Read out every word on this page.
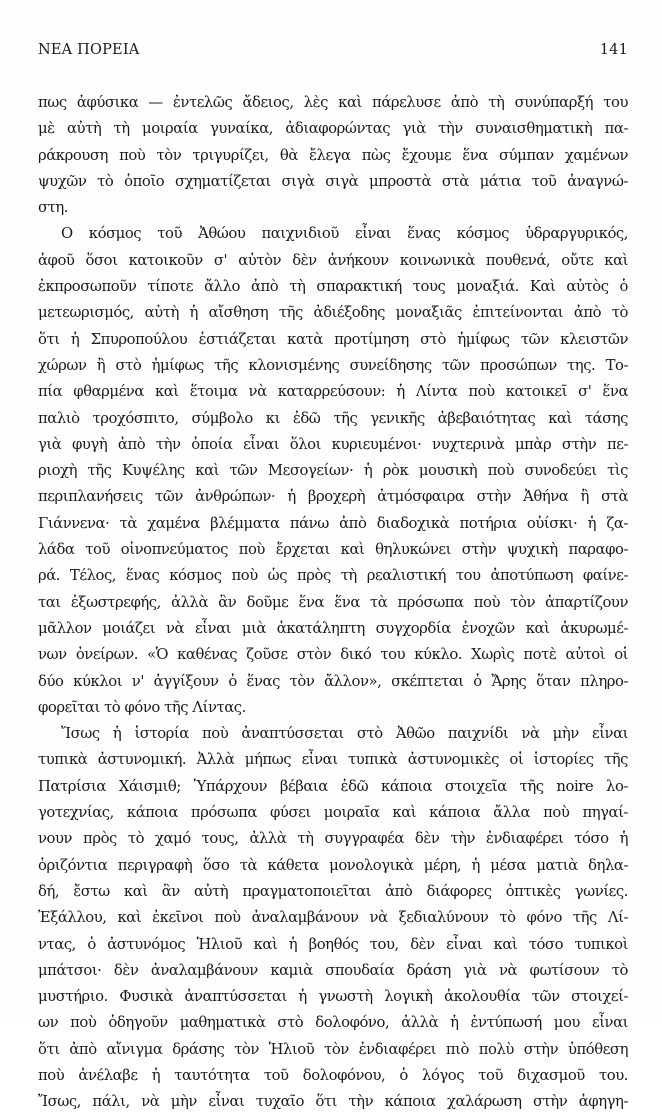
ΝΕΑ ΠΟΡΕΙΑ	141
πως ἀφύσικα — ἐντελῶς ἄδειος, λὲς καὶ πάρελυσε ἀπὸ τὴ συνύπαρξή του
μὲ αὐτὴ τὴ μοιραία γυναίκα, ἀδιαφορώντας γιὰ τὴν συναισθηματικὴ πα-
ράκρουση ποὺ τὸν τριγυρίζει, θὰ ἔλεγα πὼς ἔχουμε ἕνα σύμπαν χαμένων
ψυχῶν τὸ ὁποῖο σχηματίζεται σιγὰ σιγὰ μπροστὰ στὰ μάτια τοῦ ἀναγνώ-
στη.
Ο κόσμος τοῦ Ἀθώου παιχνιδιοῦ εἶναι ἕνας κόσμος ὑδραργυρικός,
ἀφοῦ ὅσοι κατοικοῦν σ' αὐτὸν δὲν ἀνήκουν κοινωνικὰ πουθενά, οὔτε καὶ
ἐκπροσωποῦν τίποτε ἄλλο ἀπὸ τὴ σπαρακτική τους μοναξιά. Καὶ αὐτὸς ὁ
μετεωρισμός, αὐτὴ ἡ αἴσθηση τῆς ἀδιέξοδης μοναξιᾶς ἐπιτείνονται ἀπὸ τὸ
ὅτι ἡ Σπυροπούλου ἑστιάζεται κατὰ προτίμηση στὸ ἡμίφως τῶν κλειστῶν
χώρων ἢ στὸ ἡμίφως τῆς κλονισμένης συνείδησης τῶν προσώπων της. Το-
πία φθαρμένα καὶ ἕτοιμα νὰ καταρρεύσουν: ἡ Λίντα ποὺ κατοικεῖ σ' ἕνα
παλιὸ τροχόσπιτο, σύμβολο κι ἐδῶ τῆς γενικῆς ἀβεβαιότητας καὶ τάσης
γιὰ φυγὴ ἀπὸ τὴν ὁποία εἶναι ὅλοι κυριευμένοι· νυχτερινὰ μπὰρ στὴν πε-
ριοχὴ τῆς Κυψέλης καὶ τῶν Μεσογείων· ἡ ρὸκ μουσικὴ ποὺ συνοδεύει τὶς
περιπλανήσεις τῶν ἀνθρώπων· ἡ βροχερὴ ἀτμόσφαιρα στὴν Ἀθήνα ἢ στὰ
Γιάννενα· τὰ χαμένα βλέμματα πάνω ἀπὸ διαδοχικὰ ποτήρια οὐίσκι· ἡ ζα-
λάδα τοῦ οἰνοπνεύματος ποὺ ἔρχεται καὶ θηλυκώνει στὴν ψυχικὴ παραφο-
ρά. Τέλος, ἕνας κόσμος ποὺ ὡς πρὸς τὴ ρεαλιστική του ἀποτύπωση φαίνε-
ται ἐξωστρεφής, ἀλλὰ ἂν δοῦμε ἕνα ἕνα τὰ πρόσωπα ποὺ τὸν ἀπαρτίζουν
μᾶλλον μοιάζει νὰ εἶναι μιὰ ἀκατάληπτη συγχορδία ἐνοχῶν καὶ ἀκυρωμέ-
νων ὀνείρων. «Ὁ καθένας ζοῦσε στὸν δικό του κύκλο. Χωρὶς ποτὲ αὐτοὶ οἱ
δύο κύκλοι ν' ἀγγίξουν ὁ ἕνας τὸν ἄλλον», σκέπτεται ὁ Ἄρης ὅταν πληρο-
φορεῖται τὸ φόνο τῆς Λίντας.
Ἴσως ἡ ἱστορία ποὺ ἀναπτύσσεται στὸ Ἀθῶο παιχνίδι νὰ μὴν εἶναι
τυπικὰ ἀστυνομική. Ἀλλὰ μήπως εἶναι τυπικὰ ἀστυνομικὲς οἱ ἱστορίες τῆς
Πατρίσια Χάισμιθ; Ὑπάρχουν βέβαια ἐδῶ κάποια στοιχεῖα τῆς noire λο-
γοτεχνίας, κάποια πρόσωπα φύσει μοιραῖα καὶ κάποια ἄλλα ποὺ πηγαί-
νουν πρὸς τὸ χαμό τους, ἀλλὰ τὴ συγγραφέα δὲν τὴν ἐνδιαφέρει τόσο ἡ
ὁριζόντια περιγραφὴ ὅσο τὰ κάθετα μονολογικὰ μέρη, ἡ μέσα ματιὰ δηλα-
δή, ἔστω καὶ ἂν αὐτὴ πραγματοποιεῖται ἀπὸ διάφορες ὀπτικὲς γωνίες.
Ἐξάλλου, καὶ ἐκεῖνοι ποὺ ἀναλαμβάνουν νὰ ξεδιαλύνουν τὸ φόνο τῆς Λί-
ντας, ὁ ἀστυνόμος Ἡλιοῦ καὶ ἡ βοηθός του, δὲν εἶναι καὶ τόσο τυπικοὶ
μπάτσοι· δὲν ἀναλαμβάνουν καμιὰ σπουδαία δράση γιὰ νὰ φωτίσουν τὸ
μυστήριο. Φυσικὰ ἀναπτύσσεται ἡ γνωστὴ λογικὴ ἀκολουθία τῶν στοιχεί-
ων ποὺ ὁδηγοῦν μαθηματικὰ στὸ δολοφόνο, ἀλλὰ ἡ ἐντύπωσή μου εἶναι
ὅτι ἀπὸ αἴνιγμα δράσης τὸν Ἡλιοῦ τὸν ἐνδιαφέρει πιὸ πολὺ στὴν ὑπόθεση
ποὺ ἀνέλαβε ἡ ταυτότητα τοῦ δολοφόνου, ὁ λόγος τοῦ διχασμοῦ του.
Ἴσως, πάλι, νὰ μὴν εἶναι τυχαῖο ὅτι τὴν κάποια χαλάρωση στὴν ἀφηγη-
